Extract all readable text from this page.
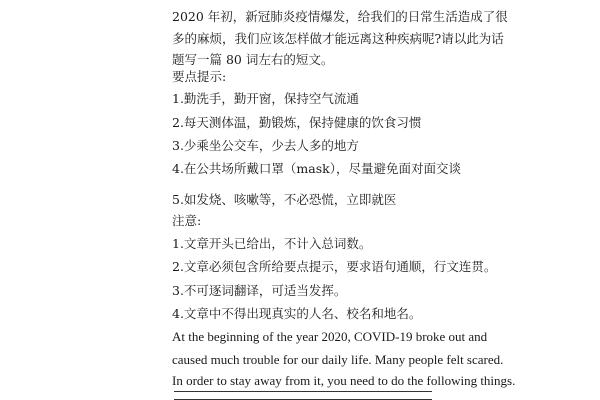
2020 年初，新冠肺炎疫情爆发，给我们的日常生活造成了很
多的麻烦，我们应该怎样做才能远离这种疾病呢?请以此为话
题写一篇 80 词左右的短文。
要点提示:
1.勤洗手，勤开窗，保持空气流通
2.每天测体温，勤锻炼，保持健康的饮食习惯
3.少乘坐公交车，少去人多的地方
4.在公共场所戴口罩（mask），尽量避免面对面交谈
5.如发烧、咳嗽等，不必恐慌，立即就医
注意:
1.文章开头已给出，不计入总词数。
2.文章必须包含所给要点提示，要求语句通顺，行文连贯。
3.不可逐词翻译，可适当发挥。
4.文章中不得出现真实的人名、校名和地名。
At the beginning of the year 2020, COVID-19 broke out and
caused much trouble for our daily life. Many people felt scared.
In order to stay away from it, you need to do the following things.
